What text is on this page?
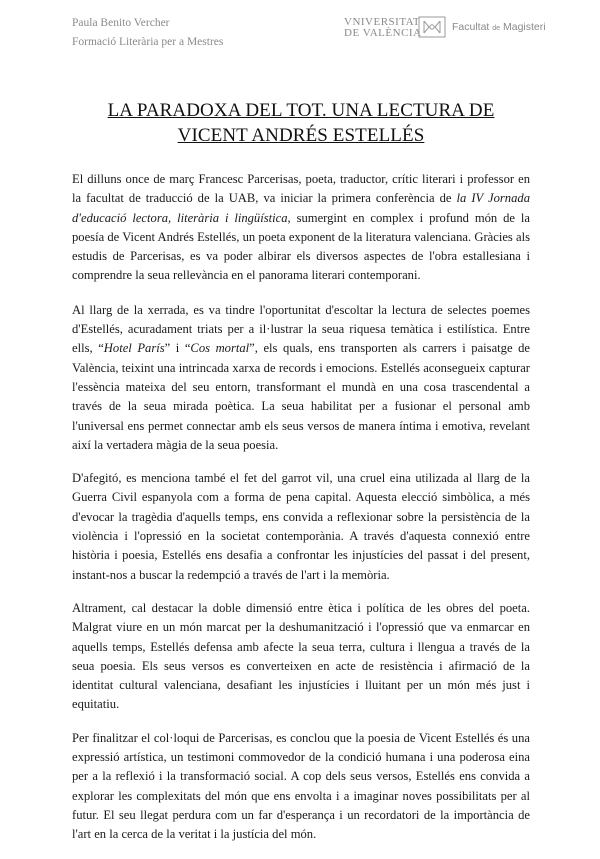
Paula Benito Vercher
Formació Literària per a Mestres
VNIVERSITAT
DE VALÈNCIA	Facultat de Magisteri
LA PARADOXA DEL TOT. UNA LECTURA DE VICENT ANDRÉS ESTELLÉS

El dilluns once de març Francesc Parcerisas, poeta, traductor, crític literari i professor en la facultat de traducció de la UAB, va iniciar la primera conferència de la IV Jornada d'educació lectora, literària i lingüística, sumergint en complex i profund món de la poesía de Vicent Andrés Estellés, un poeta exponent de la literatura valenciana. Gràcies als estudis de Parcerisas, es va poder albirar els diversos aspectes de l'obra estallesiana i comprendre la seua rellevància en el panorama literari contemporani.

Al llarg de la xerrada, es va tindre l'oportunitat d'escoltar la lectura de selectes poemes d'Estellés, acuradament triats per a il·lustrar la seua riquesa temàtica i estilística. Entre ells, “Hotel París” i “Cos mortal”, els quals, ens transporten als carrers i paisatge de València, teixint una intrincada xarxa de records i emocions. Estellés aconsegueix capturar l'essència mateixa del seu entorn, transformant el mundà en una cosa trascendental a través de la seua mirada poètica. La seua habilitat per a fusionar el personal amb l'universal ens permet connectar amb els seus versos de manera íntima i emotiva, revelant així la vertadera màgia de la seua poesia.

D'afegitó, es menciona també el fet del garrot vil, una cruel eina utilizada al llarg de la Guerra Civil espanyola com a forma de pena capital. Aquesta elecció simbòlica, a més d'evocar la tragèdia d'aquells temps, ens convida a reflexionar sobre la persistència de la violència i l'opressió en la societat contemporània. A través d'aquesta connexió entre història i poesia, Estellés ens desafia a confrontar les injustícies del passat i del present, instant-nos a buscar la redempció a través de l'art i la memòria.

Altrament, cal destacar la doble dimensió entre ètica i política de les obres del poeta. Malgrat viure en un món marcat per la deshumanització i l'opressió que va enmarcar en aquells temps, Estellés defensa amb afecte la seua terra, cultura i llengua a través de la seua poesia. Els seus versos es converteixen en acte de resistència i afirmació de la identitat cultural valenciana, desafiant les injustícies i lluitant per un món més just i equitatiu.

Per finalitzar el col·loqui de Parcerisas, es conclou que la poesia de Vicent Estellés és una expressió artística, un testimoni commovedor de la condició humana i una poderosa eina per a la reflexió i la transformació social. A cop dels seus versos, Estellés ens convida a explorar les complexitats del món que ens envolta i a imaginar noves possibilitats per al futur. El seu llegat perdura com un far d'esperança i un recordatori de la importància de l'art en la cerca de la veritat i la justícia del món.
